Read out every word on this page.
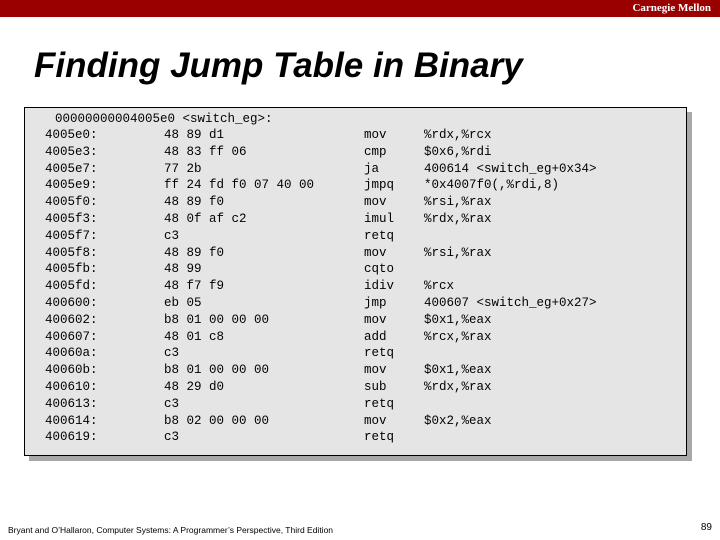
Carnegie Mellon
Finding Jump Table in Binary
00000000004005e0 <switch_eg>:
4005e0:	48 89 d1	mov	%rdx,%rcx
4005e3:	48 83 ff 06	cmp	$0x6,%rdi
4005e7:	77 2b	ja	400614 <switch_eg+0x34>
4005e9:	ff 24 fd f0 07 40 00	jmpq *0x4007f0(,%rdi,8)
4005f0:	48 89 f0	mov	%rsi,%rax
4005f3:	48 0f af c2	imul %rdx,%rax
4005f7:	c3	retq
4005f8:	48 89 f0	mov	%rsi,%rax
4005fb:	48 99	cqto
4005fd:	48 f7 f9	idiv %rcx
400600:	eb 05	jmp	400607 <switch_eg+0x27>
400602:	b8 01 00 00 00	mov	$0x1,%eax
400607:	48 01 c8	add	%rcx,%rax
40060a:	c3	retq
40060b:	b8 01 00 00 00	mov	$0x1,%eax
400610:	48 29 d0	sub	%rdx,%rax
400613:	c3	retq
400614:	b8 02 00 00 00	mov	$0x2,%eax
400619:	c3	retq
Bryant and O’Hallaron, Computer Systems: A Programmer’s Perspective, Third Edition	89
